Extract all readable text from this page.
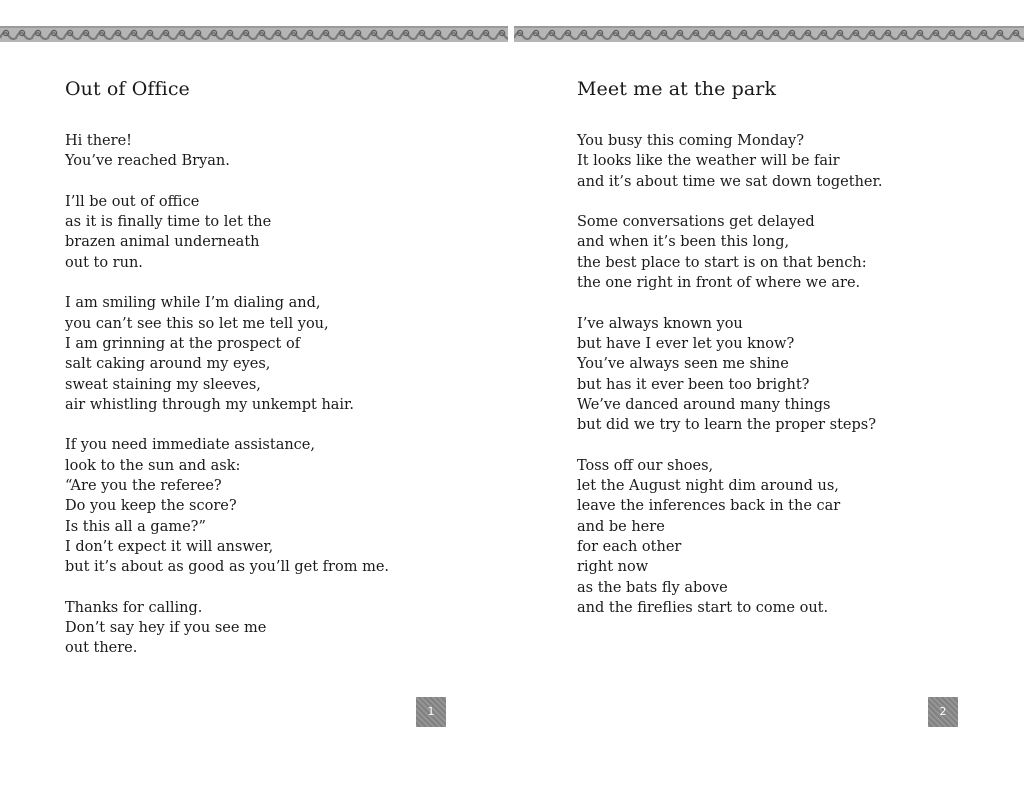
Out of Office

Hi there!
You’ve reached Bryan.

I’ll be out of office
as it is finally time to let the
brazen animal underneath
out to run.

I am smiling while I’m dialing and,
you can’t see this so let me tell you,
I am grinning at the prospect of
salt caking around my eyes,
sweat staining my sleeves,
air whistling through my unkempt hair.

If you need immediate assistance,
look to the sun and ask:
“Are you the referee?
Do you keep the score?
Is this all a game?”
I don’t expect it will answer,
but it’s about as good as you’ll get from me.

Thanks for calling.
Don’t say hey if you see me
out there.

1
Meet me at the park

You busy this coming Monday?
It looks like the weather will be fair
and it’s about time we sat down together.

Some conversations get delayed
and when it’s been this long,
the best place to start is on that bench:
the one right in front of where we are.

I’ve always known you
but have I ever let you know?
You’ve always seen me shine
but has it ever been too bright?
We’ve danced around many things
but did we try to learn the proper steps?

Toss off our shoes,
let the August night dim around us,
leave the inferences back in the car
and be here
for each other
right now
as the bats fly above
and the fireflies start to come out.

2
